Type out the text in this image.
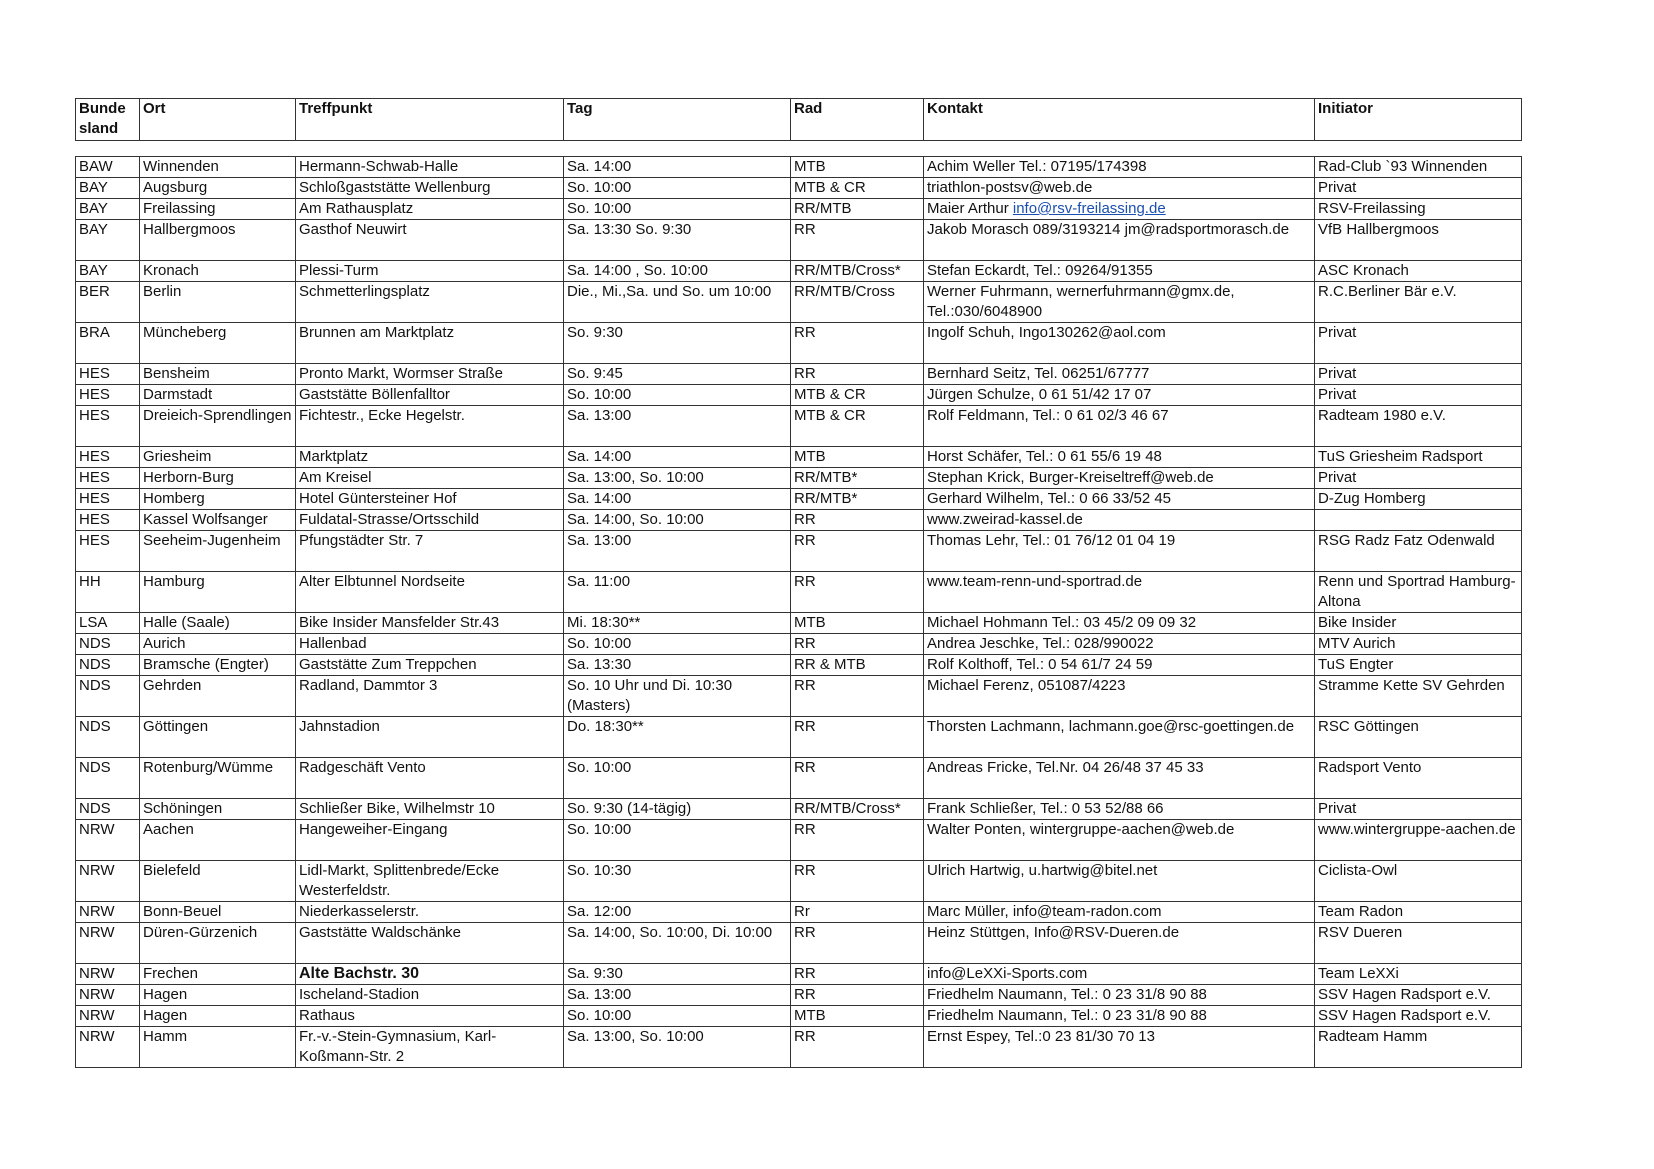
Bunde sland	Ort	Treffpunkt	Tag	Rad	Kontakt	Initiator
BAW	Winnenden	Hermann-Schwab-Halle	Sa. 14:00	MTB	Achim Weller Tel.: 07195/174398	Rad-Club `93 Winnenden
BAY	Augsburg	Schloßgaststätte Wellenburg	So. 10:00	MTB & CR	triathlon-postsv@web.de	Privat
BAY	Freilassing	Am Rathausplatz	So. 10:00	RR/MTB	Maier Arthur info@rsv-freilassing.de	RSV-Freilassing
BAY	Hallbergmoos	Gasthof Neuwirt	Sa. 13:30 So. 9:30	RR	Jakob Morasch 089/3193214 jm@radsportmorasch.de	VfB Hallbergmoos
BAY	Kronach	Plessi-Turm	Sa. 14:00 , So. 10:00	RR/MTB/Cross*	Stefan Eckardt, Tel.: 09264/91355	ASC Kronach
BER	Berlin	Schmetterlingsplatz	Die., Mi.,Sa. und So. um 10:00	RR/MTB/Cross	Werner Fuhrmann, wernerfuhrmann@gmx.de, Tel.:030/6048900	R.C.Berliner Bär e.V.
BRA	Müncheberg	Brunnen am Marktplatz	So. 9:30	RR	Ingolf Schuh, Ingo130262@aol.com	Privat
HES	Bensheim	Pronto Markt, Wormser Straße	So. 9:45	RR	Bernhard Seitz, Tel. 06251/67777	Privat
HES	Darmstadt	Gaststätte Böllenfalltor	So. 10:00	MTB & CR	Jürgen Schulze, 0 61 51/42 17 07	Privat
HES	Dreieich-Sprendlingen	Fichtestr., Ecke Hegelstr.	Sa. 13:00	MTB & CR	Rolf Feldmann, Tel.: 0 61 02/3 46 67	Radteam 1980 e.V.
HES	Griesheim	Marktplatz	Sa. 14:00	MTB	Horst Schäfer, Tel.: 0 61 55/6 19 48	TuS Griesheim Radsport
HES	Herborn-Burg	Am Kreisel	Sa. 13:00, So. 10:00	RR/MTB*	Stephan Krick, Burger-Kreiseltreff@web.de	Privat
HES	Homberg	Hotel Güntersteiner Hof	Sa. 14:00	RR/MTB*	Gerhard Wilhelm, Tel.: 0 66 33/52 45	D-Zug Homberg
HES	Kassel Wolfsanger	Fuldatal-Strasse/Ortsschild	Sa. 14:00, So. 10:00	RR	www.zweirad-kassel.de	
HES	Seeheim-Jugenheim	Pfungstädter Str. 7	Sa. 13:00	RR	Thomas Lehr, Tel.: 01 76/12 01 04 19	RSG Radz Fatz Odenwald
HH	Hamburg	Alter Elbtunnel Nordseite	Sa. 11:00	RR	www.team-renn-und-sportrad.de	Renn und Sportrad Hamburg-Altona
LSA	Halle (Saale)	Bike Insider Mansfelder Str.43	Mi. 18:30**	MTB	Michael Hohmann Tel.: 03 45/2 09 09 32	Bike Insider
NDS	Aurich	Hallenbad	So. 10:00	RR	Andrea Jeschke, Tel.: 028/990022	MTV Aurich
NDS	Bramsche (Engter)	Gaststätte Zum Treppchen	Sa. 13:30	RR & MTB	Rolf Kolthoff, Tel.: 0 54 61/7 24 59	TuS Engter
NDS	Gehrden	Radland, Dammtor 3	So. 10 Uhr und Di. 10:30 (Masters)	RR	Michael Ferenz, 051087/4223	Stramme Kette SV Gehrden
NDS	Göttingen	Jahnstadion	Do. 18:30**	RR	Thorsten Lachmann, lachmann.goe@rsc-goettingen.de	RSC Göttingen
NDS	Rotenburg/Wümme	Radgeschäft Vento	So. 10:00	RR	Andreas Fricke, Tel.Nr. 04 26/48 37 45 33	Radsport Vento
NDS	Schöningen	Schließer Bike, Wilhelmstr 10	So. 9:30 (14-tägig)	RR/MTB/Cross*	Frank Schließer, Tel.: 0 53 52/88 66	Privat
NRW	Aachen	Hangeweiher-Eingang	So. 10:00	RR	Walter Ponten, wintergruppe-aachen@web.de	www.wintergruppe-aachen.de
NRW	Bielefeld	Lidl-Markt, Splittenbrede/Ecke Westerfeldstr.	So. 10:30	RR	Ulrich Hartwig, u.hartwig@bitel.net	Ciclista-Owl
NRW	Bonn-Beuel	Niederkasselerstr.	Sa. 12:00	Rr	Marc Müller, info@team-radon.com	Team Radon
NRW	Düren-Gürzenich	Gaststätte Waldschänke	Sa. 14:00, So. 10:00, Di. 10:00	RR	Heinz Stüttgen, Info@RSV-Dueren.de	RSV Dueren
NRW	Frechen	Alte Bachstr. 30	Sa. 9:30	RR	info@LeXXi-Sports.com	Team LeXXi
NRW	Hagen	Ischeland-Stadion	Sa. 13:00	RR	Friedhelm Naumann, Tel.: 0 23 31/8 90 88	SSV Hagen Radsport e.V.
NRW	Hagen	Rathaus	So. 10:00	MTB	Friedhelm Naumann, Tel.: 0 23 31/8 90 88	SSV Hagen Radsport e.V.
NRW	Hamm	Fr.-v.-Stein-Gymnasium, Karl-Koßmann-Str. 2	Sa. 13:00, So. 10:00	RR	Ernst Espey, Tel.:0 23 81/30 70 13	Radteam Hamm
